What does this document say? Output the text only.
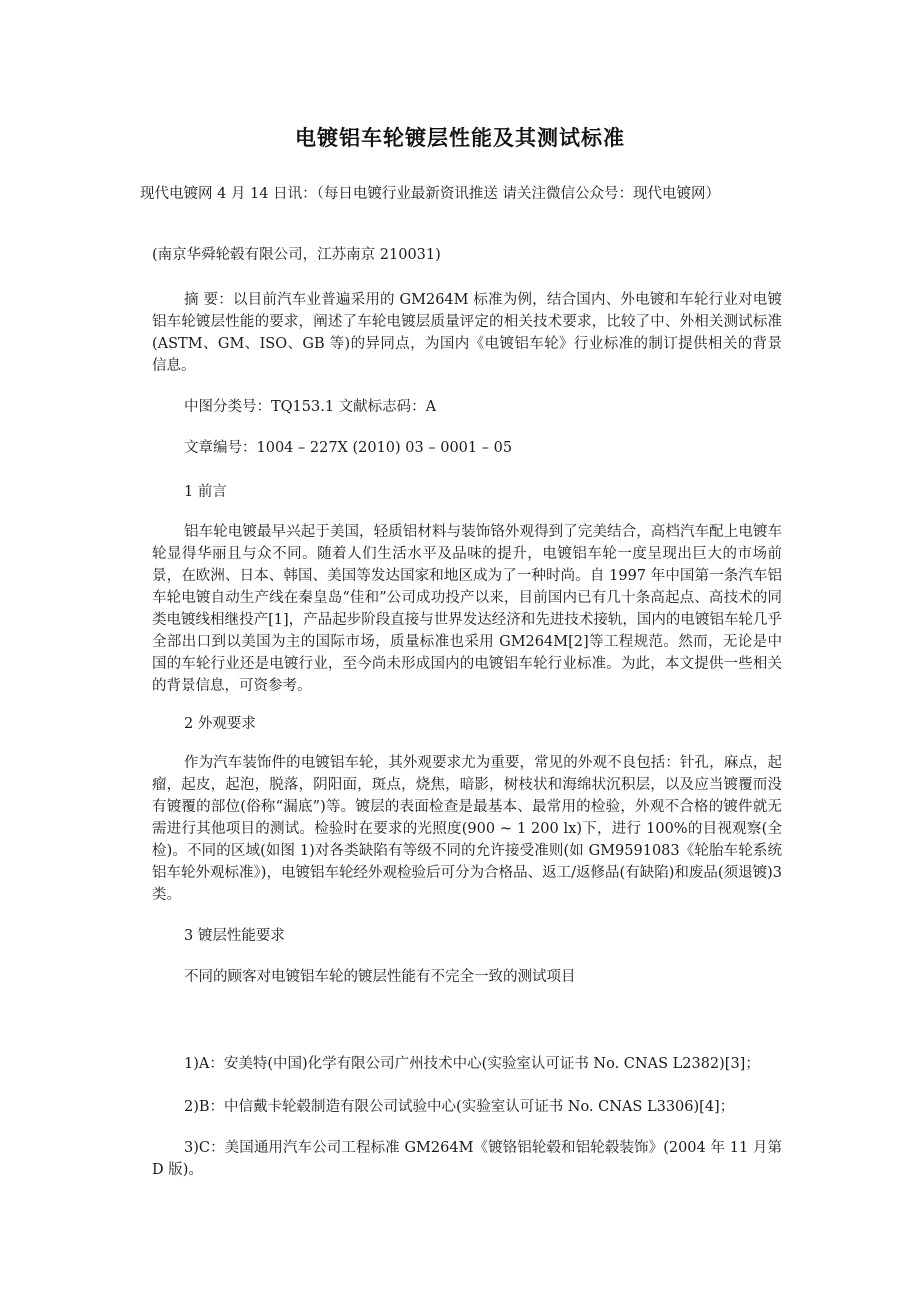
电镀铝车轮镀层性能及其测试标准
现代电镀网 4 月 14 日讯：（每日电镀行业最新资讯推送 请关注微信公众号：现代电镀网）
(南京华舜轮毂有限公司，江苏南京 210031)
摘 要：以目前汽车业普遍采用的 GM264M 标准为例，结合国内、外电镀和车轮行业对电镀铝车轮镀层性能的要求，阐述了车轮电镀层质量评定的相关技术要求，比较了中、外相关测试标准(ASTM、GM、ISO、GB 等)的异同点，为国内《电镀铝车轮》行业标准的制订提供相关的背景信息。
中图分类号：TQ153.1 文献标志码：A
文章编号：1004 – 227X (2010) 03 – 0001 – 05
1 前言
铝车轮电镀最早兴起于美国，轻质铝材料与装饰铬外观得到了完美结合，高档汽车配上电镀车轮显得华丽且与众不同。随着人们生活水平及品味的提升，电镀铝车轮一度呈现出巨大的市场前景，在欧洲、日本、韩国、美国等发达国家和地区成为了一种时尚。自 1997 年中国第一条汽车铝车轮电镀自动生产线在秦皇岛“佳和”公司成功投产以来，目前国内已有几十条高起点、高技术的同类电镀线相继投产[1]，产品起步阶段直接与世界发达经济和先进技术接轨，国内的电镀铝车轮几乎全部出口到以美国为主的国际市场，质量标准也采用 GM264M[2]等工程规范。然而，无论是中国的车轮行业还是电镀行业，至今尚未形成国内的电镀铝车轮行业标准。为此，本文提供一些相关的背景信息，可资参考。
2 外观要求
作为汽车装饰件的电镀铝车轮，其外观要求尤为重要，常见的外观不良包括：针孔，麻点，起瘤，起皮，起泡，脱落，阴阳面，斑点，烧焦，暗影，树枝状和海绵状沉积层，以及应当镀覆而没有镀覆的部位(俗称“漏底”)等。镀层的表面检查是最基本、最常用的检验，外观不合格的镀件就无需进行其他项目的测试。检验时在要求的光照度(900 ~ 1 200 lx)下，进行 100%的目视观察(全检)。不同的区域(如图 1)对各类缺陷有等级不同的允许接受准则(如 GM9591083《轮胎车轮系统铝车轮外观标准》)，电镀铝车轮经外观检验后可分为合格品、返工/返修品(有缺陷)和废品(须退镀)3 类。
3 镀层性能要求
不同的顾客对电镀铝车轮的镀层性能有不完全一致的测试项目
1)A：安美特(中国)化学有限公司广州技术中心(实验室认可证书 No. CNAS L2382)[3]；
2)B：中信戴卡轮毂制造有限公司试验中心(实验室认可证书 No. CNAS L3306)[4]；
3)C：美国通用汽车公司工程标准 GM264M《镀铬铝轮毂和铝轮毂装饰》(2004 年 11 月第 D 版)。
